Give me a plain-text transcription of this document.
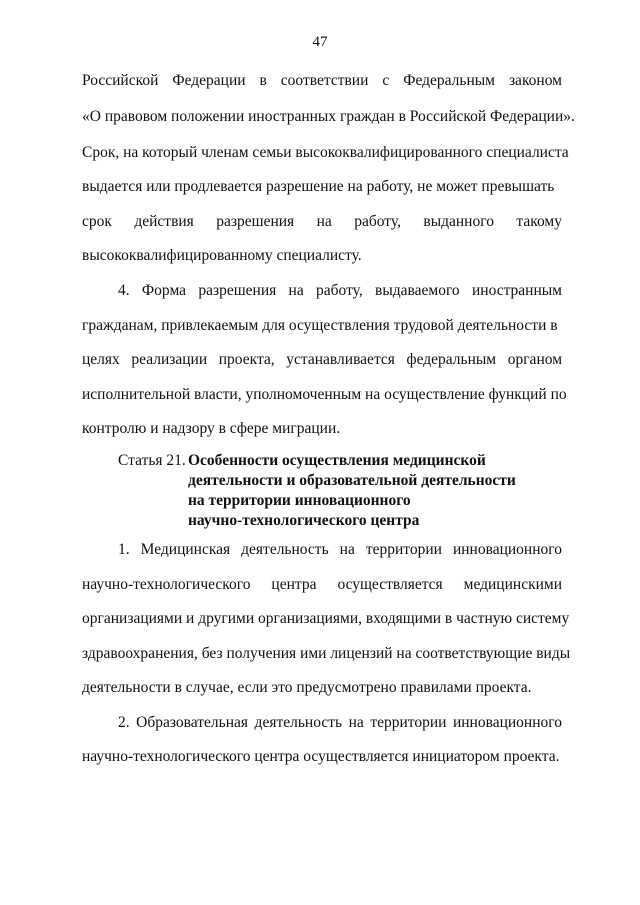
47
Российской Федерации в соответствии с Федеральным законом
«О правовом положении иностранных граждан в Российской Федерации».
Срок, на который членам семьи высококвалифицированного специалиста
выдается или продлевается разрешение на работу, не может превышать
срок действия разрешения на работу, выданного такому
высококвалифицированному специалисту.
4. Форма разрешения на работу, выдаваемого иностранным
гражданам, привлекаемым для осуществления трудовой деятельности в
целях реализации проекта, устанавливается федеральным органом
исполнительной власти, уполномоченным на осуществление функций по
контролю и надзору в сфере миграции.
Статья 21. Особенности осуществления медицинской
деятельности и образовательной деятельности
на территории инновационного
научно-технологического центра
1. Медицинская деятельность на территории инновационного
научно-технологического центра осуществляется медицинскими
организациями и другими организациями, входящими в частную систему
здравоохранения, без получения ими лицензий на соответствующие виды
деятельности в случае, если это предусмотрено правилами проекта.
2. Образовательная деятельность на территории инновационного
научно-технологического центра осуществляется инициатором проекта.
